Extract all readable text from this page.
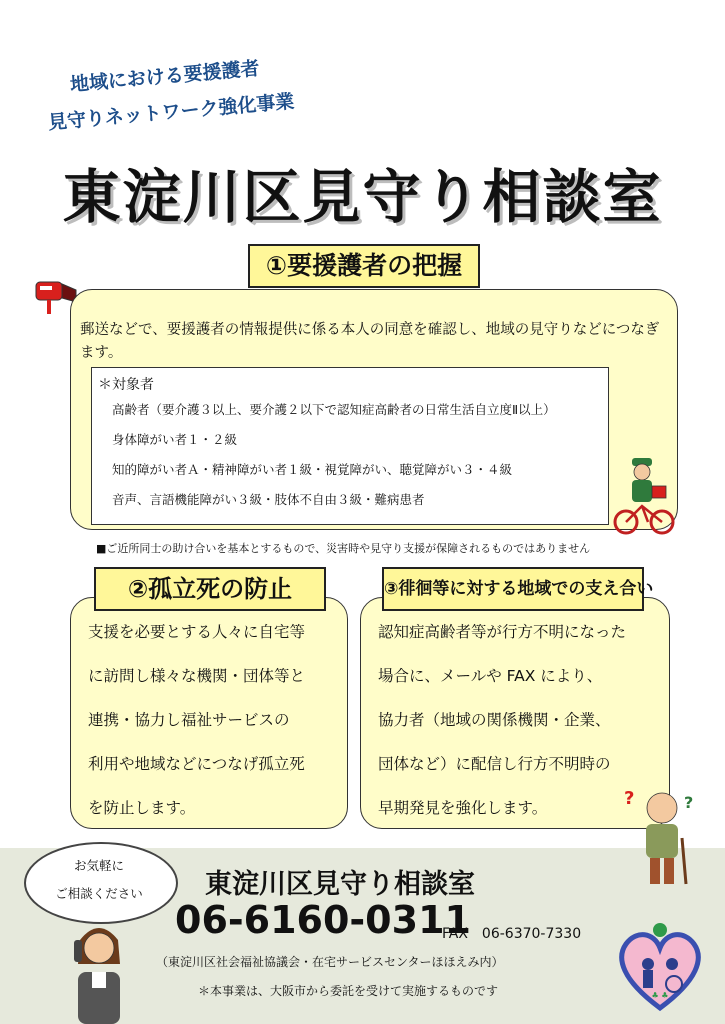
地域における要援護者
見守りネットワーク強化事業
東淀川区見守り相談室
①要援護者の把握
郵送などで、要援護者の情報提供に係る本人の同意を確認し、地域の見守りなどにつなぎます。
＊対象者
高齢者（要介護３以上、要介護２以下で認知症高齢者の日常生活自立度Ⅱ以上）
身体障がい者１・２級
知的障がい者Ａ・精神障がい者１級・視覚障がい、聴覚障がい３・４級
音声、言語機能障がい３級・肢体不自由３級・難病患者
■ご近所同士の助け合いを基本とするもので、災害時や見守り支援が保障されるものではありません
②孤立死の防止
支援を必要とする人々に自宅等
に訪問し様々な機関・団体等と
連携・協力し福祉サービスの
利用や地域などにつなげ孤立死
を防止します。
③徘徊等に対する地域での支え合い
認知症高齢者等が行方不明になった
場合に、メールや FAX により、
協力者（地域の関係機関・企業、
団体など）に配信し行方不明時の
早期発見を強化します。	?	?
お気軽に
ご相談ください	東淀川区見守り相談室
06-6160-0311
FAX　06-6370-7330
（東淀川区社会福祉協議会・在宅サービスセンターほほえみ内）
＊本事業は、大阪市から委託を受けて実施するものです	♣ ♣
